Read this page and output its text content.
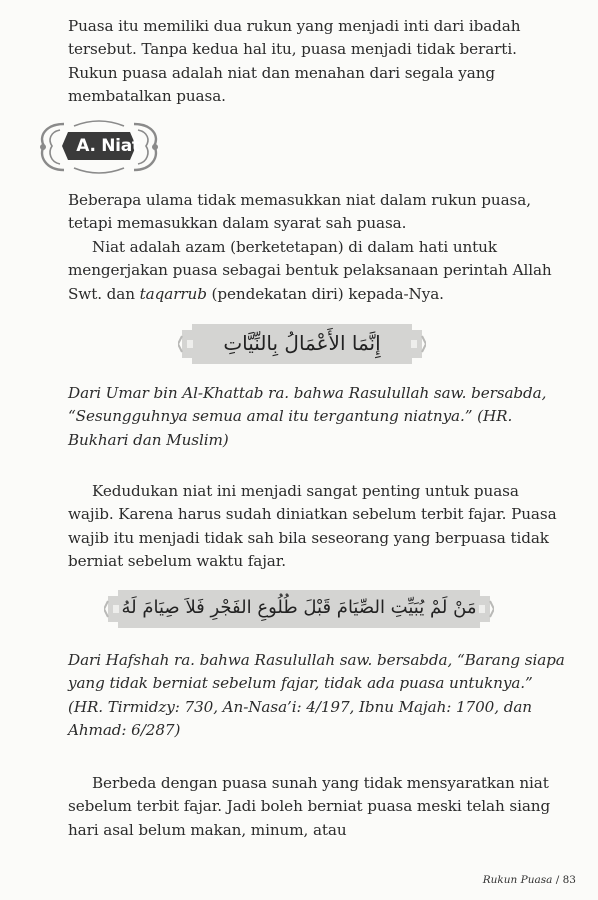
Puasa itu memiliki dua rukun yang menjadi inti dari ibadah tersebut. Tanpa kedua hal itu, puasa menjadi tidak berarti. Rukun puasa adalah niat dan menahan dari segala yang membatalkan puasa.

A. Niat

Beberapa ulama tidak memasukkan niat dalam rukun puasa, tetapi memasukkan dalam syarat sah puasa.

Niat adalah azam (berketetapan) di dalam hati untuk mengerjakan puasa sebagai bentuk pelaksanaan perintah Allah Swt. dan taqarrub (pendekatan diri) kepada-Nya.

إِنَّمَا الأَعْمَالُ بِالنِّيَّاتِ

Dari Umar bin Al-Khattab ra. bahwa Rasulullah saw. bersabda, “Sesungguhnya semua amal itu tergantung niatnya.” (HR. Bukhari dan Muslim)

Kedudukan niat ini menjadi sangat penting untuk puasa wajib. Karena harus sudah diniatkan sebelum terbit fajar. Puasa wajib itu menjadi tidak sah bila seseorang yang berpuasa tidak berniat sebelum waktu fajar.

مَنْ لَمْ يُبَيِّتِ الصِّيَامَ قَبْلَ طُلُوعِ الفَجْرِ فَلاَ صِيَامَ لَهُ

Dari Hafshah ra. bahwa Rasulullah saw. bersabda, “Barang siapa yang tidak berniat sebelum fajar, tidak ada puasa untuknya.” (HR. Tirmidzy: 730, An-Nasa’i: 4/197, Ibnu Majah: 1700, dan Ahmad: 6/287)

Berbeda dengan puasa sunah yang tidak mensyaratkan niat sebelum terbit fajar. Jadi boleh berniat puasa meski telah siang hari asal belum makan, minum, atau

Rukun Puasa / 83
